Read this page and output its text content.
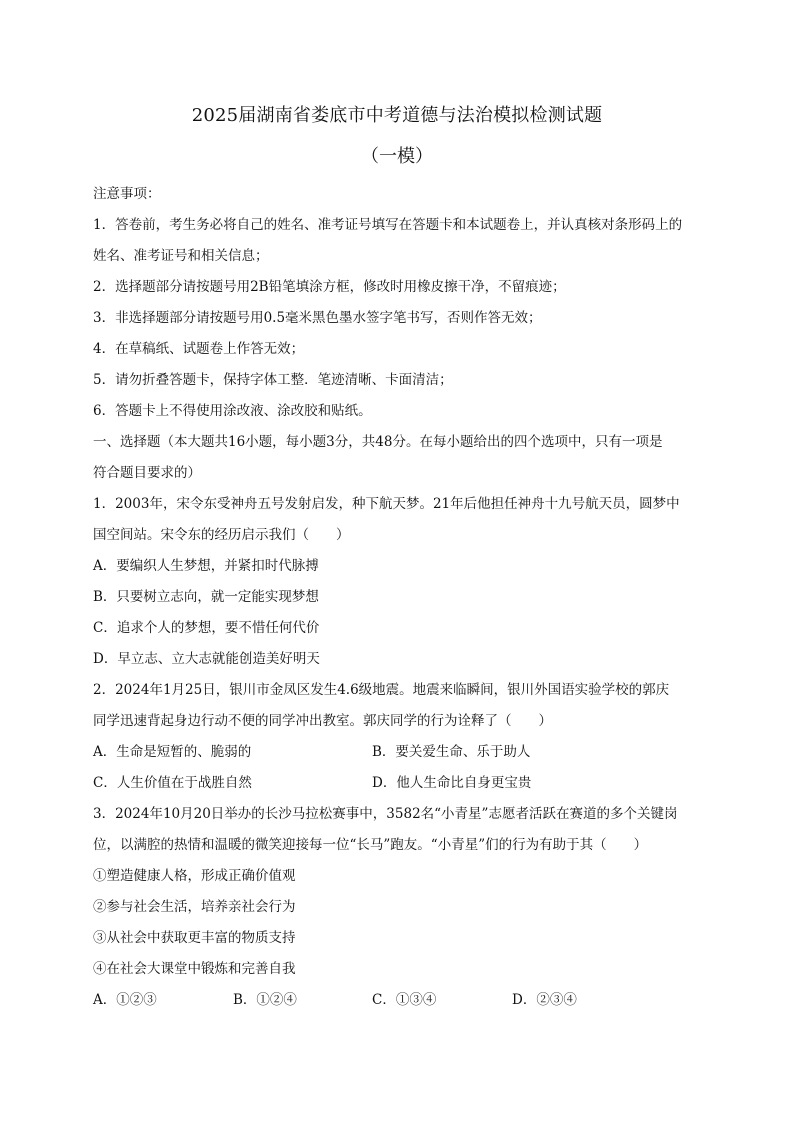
2025届湖南省娄底市中考道德与法治模拟检测试题
（一模）
注意事项：
1．答卷前，考生务必将自己的姓名、准考证号填写在答题卡和本试题卷上，并认真核对条形码上的
姓名、准考证号和相关信息；
2．选择题部分请按题号用2B铅笔填涂方框，修改时用橡皮擦干净，不留痕迹；
3．非选择题部分请按题号用0.5毫米黑色墨水签字笔书写，否则作答无效；
4．在草稿纸、试题卷上作答无效；
5．请勿折叠答题卡，保持字体工整．笔迹清晰、卡面清洁；
6．答题卡上不得使用涂改液、涂改胶和贴纸。
一、选择题（本大题共16小题，每小题3分，共48分。在每小题给出的四个选项中，只有一项是
符合题目要求的）
1．2003年，宋令东受神舟五号发射启发，种下航天梦。21年后他担任神舟十九号航天员，圆梦中
国空间站。宋令东的经历启示我们（　　）
A．要编织人生梦想，并紧扣时代脉搏
B．只要树立志向，就一定能实现梦想
C．追求个人的梦想，要不惜任何代价
D．早立志、立大志就能创造美好明天
2．2024年1月25日，银川市金凤区发生4.6级地震。地震来临瞬间，银川外国语实验学校的郭庆
同学迅速背起身边行动不便的同学冲出教室。郭庆同学的行为诠释了（　　）
A．生命是短暂的、脆弱的	B．要关爱生命、乐于助人
C．人生价值在于战胜自然	D．他人生命比自身更宝贵
3．2024年10月20日举办的长沙马拉松赛事中，3582名“小青星”志愿者活跃在赛道的多个关键岗
位，以满腔的热情和温暖的微笑迎接每一位“长马”跑友。“小青星”们的行为有助于其（　　）
①塑造健康人格，形成正确价值观
②参与社会生活，培养亲社会行为
③从社会中获取更丰富的物质支持
④在社会大课堂中锻炼和完善自我
A．①②③	B．①②④	C．①③④	D．②③④
